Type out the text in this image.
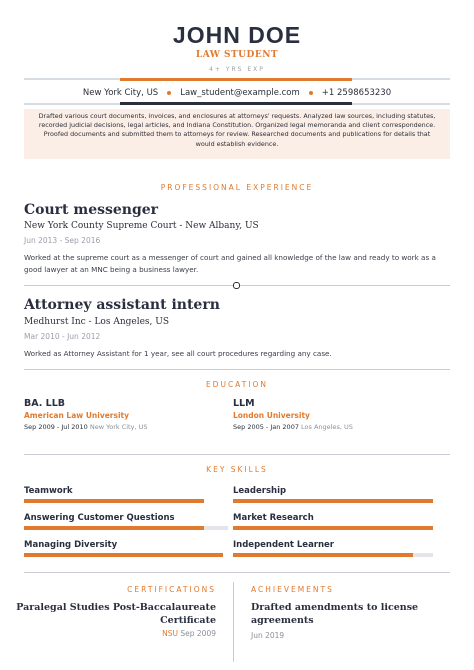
JOHN DOE
LAW STUDENT
4+ YRS EXP
New York City, US	Law_student@example.com	+1 2598653230
Drafted various court documents, invoices, and enclosures at attorneys' requests. Analyzed law sources, including statutes, recorded judicial decisions, legal articles, and Indiana Constitution. Organized legal memoranda and client correspondence. Proofed documents and submitted them to attorneys for review. Researched documents and publications for details that would establish evidence.
PROFESSIONAL EXPERIENCE
Court messenger
New York County Supreme Court - New Albany, US
Jun 2013 - Sep 2016
Worked at the supreme court as a messenger of court and gained all knowledge of the law and ready to work as a good lawyer at an MNC being a business lawyer.
Attorney assistant intern
Medhurst Inc - Los Angeles, US
Mar 2010 - Jun 2012
Worked as Attorney Assistant for 1 year, see all court procedures regarding any case.
EDUCATION
BA. LLB
American Law University
Sep 2009 - Jul 2010 New York City, US
LLM
London University
Sep 2005 - Jan 2007 Los Angeles, US
KEY SKILLS
Teamwork	Leadership
Answering Customer Questions	Market Research
Managing Diversity	Independent Learner
CERTIFICATIONS
Paralegal Studies Post-Baccalaureate Certificate
NSU Sep 2009
ACHIEVEMENTS
Drafted amendments to license agreements
Jun 2019
